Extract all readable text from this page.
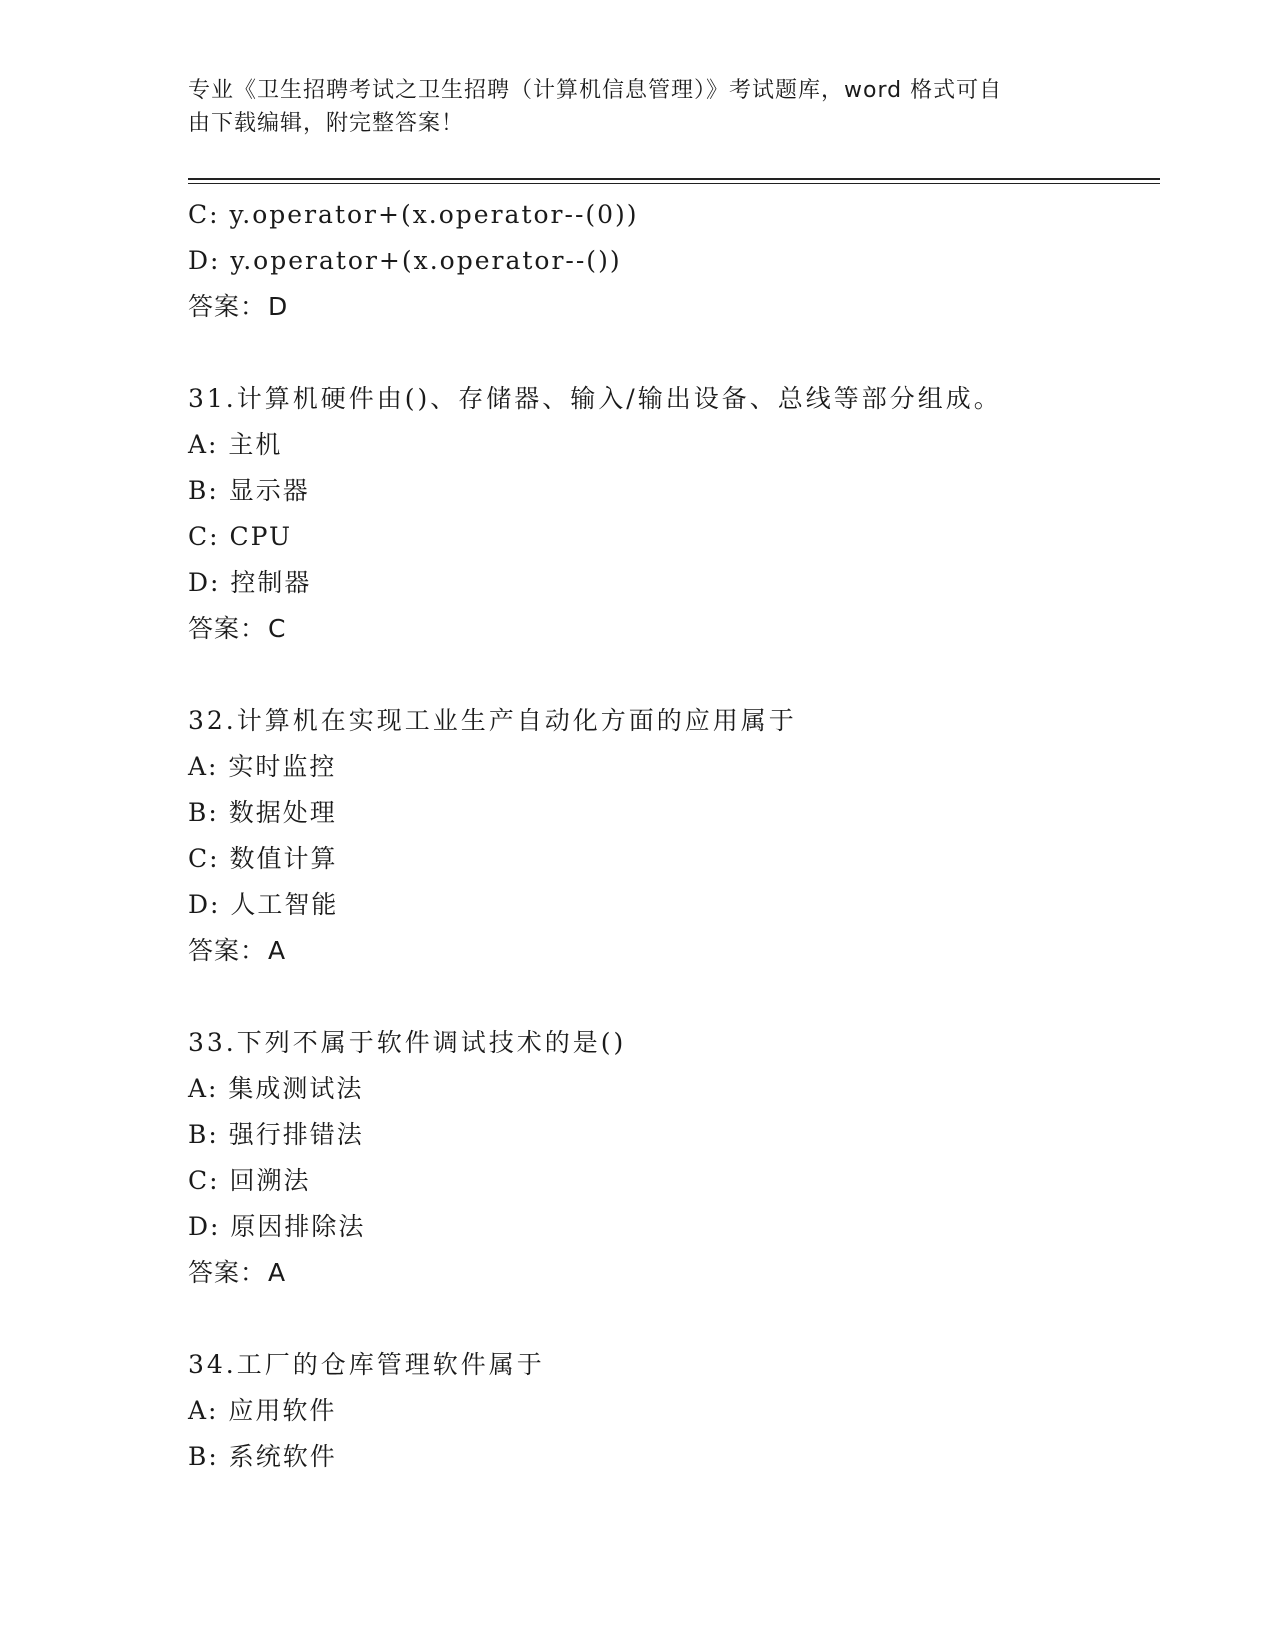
专业《卫生招聘考试之卫生招聘（计算机信息管理）》考试题库，word 格式可自
由下载编辑，附完整答案！
C: y.operator+(x.operator--(0))
D: y.operator+(x.operator--())
答案：D
31.计算机硬件由()、存储器、输入/输出设备、总线等部分组成。
A: 主机
B: 显示器
C: CPU
D: 控制器
答案：C
32.计算机在实现工业生产自动化方面的应用属于
A: 实时监控
B: 数据处理
C: 数值计算
D: 人工智能
答案：A
33.下列不属于软件调试技术的是()
A: 集成测试法
B: 强行排错法
C: 回溯法
D: 原因排除法
答案：A
34.工厂的仓库管理软件属于
A: 应用软件
B: 系统软件
